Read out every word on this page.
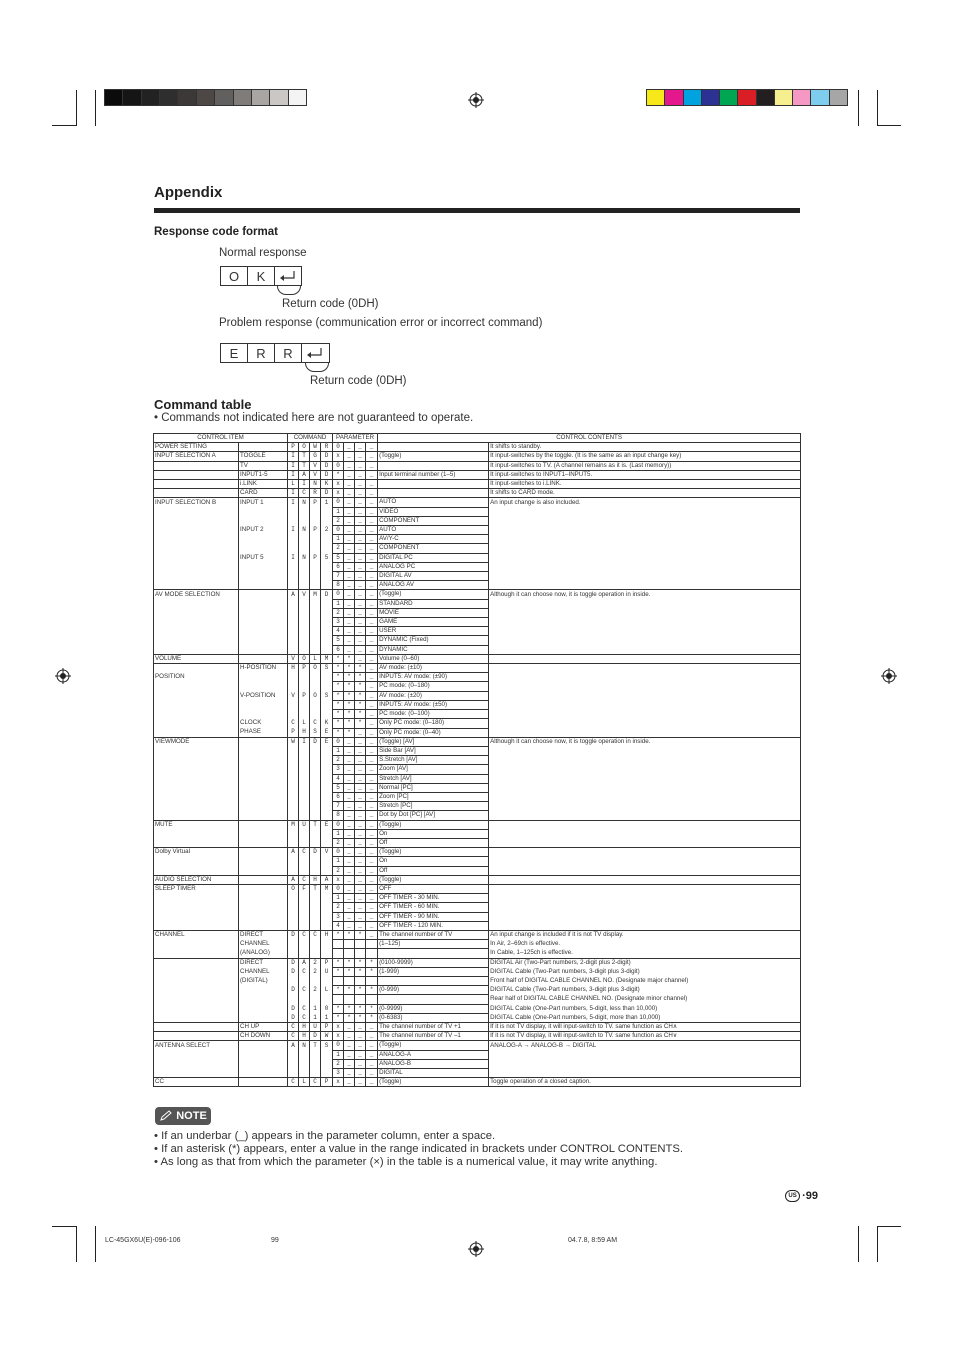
Appendix
Response code format
Normal response
O	K
Return code (0DH)
Problem response (communication error or incorrect command)
E	R	R
Return code (0DH)
Command table
• Commands not indicated here are not guaranteed to operate.
CONTROL ITEM		COMMAND				PARAMETER				CONTROL CONTENTS	
POWER SETTING		P	O	W	R	0	_	_	_		It shifts to standby.
INPUT SELECTION A	TOGGLE	I	T	G	D	x	_	_	_	(Toggle)	It input-switches by the toggle. (It is the same as an input change key)
	TV	I	T	V	D	0	_	_	_		It input-switches to TV. (A channel remains as it is. (Last memory))
	INPUT1-5	I	A	V	D	*	_	_	_	Input terminal number (1–5)	It input-switches to INPUT1–INPUT5.
	i.LINK	L	I	N	K	x	_	_	_		It input-switches to i.LINK.
	CARD	I	C	R	D	x	_	_	_		It shifts to CARD mode.
INPUT SELECTION B	INPUT 1	I	N	P	1	0	_	_	_	AUTO	An input change is also included.
						1	_	_	_	VIDEO	
						2	_	_	_	COMPONENT	
	INPUT 2	I	N	P	2	0	_	_	_	AUTO	
						1	_	_	_	AV/Y-C	
						2	_	_	_	COMPONENT	
	INPUT 5	I	N	P	5	5	_	_	_	DIGITAL PC	
						6	_	_	_	ANALOG PC	
						7	_	_	_	DIGITAL AV	
						8	_	_	_	ANALOG AV	
AV MODE SELECTION		A	V	M	D	0	_	_	_	(Toggle)	Although it can choose now, it is toggle operation in inside.
						1	_	_	_	STANDARD	
						2	_	_	_	MOVIE	
						3	_	_	_	GAME	
						4	_	_	_	USER	
						5	_	_	_	DYNAMIC (Fixed)	
						6	_	_	_	DYNAMIC	
VOLUME		V	O	L	M	*	*	_	_	Volume (0–60)	
	H-POSITION	H	P	O	S	*	*	*	_	AV mode: (±10)	
POSITION						*	*	*	_	INPUT5: AV mode: (±90)	
						*	*	*	_	PC mode: (0–180)	
	V-POSITION	V	P	O	S	*	*	*	_	AV mode: (±20)	
						*	*	*	_	INPUT5: AV mode: (±50)	
						*	*	*	_	PC mode: (0–100)	
	CLOCK	C	L	C	K	*	*	*	_	Only PC mode: (0–180)	
	PHASE	P	H	S	E	*	*	_	_	Only PC mode: (0–40)	
VIEWMODE		W	I	D	E	0	_	_	_	(Toggle) [AV]	Although it can choose now, it is toggle operation in inside.
						1	_	_	_	Side Bar [AV]	
						2	_	_	_	S.Stretch [AV]	
						3	_	_	_	Zoom [AV]	
						4	_	_	_	Stretch [AV]	
						5	_	_	_	Normal [PC]	
						6	_	_	_	Zoom [PC]	
						7	_	_	_	Stretch [PC]	
						8	_	_	_	Dot by Dot [PC] [AV]	
MUTE		M	U	T	E	0	_	_	_	(Toggle)	
						1	_	_	_	On	
						2	_	_	_	Off	
Dolby Virtual		A	C	D	V	0	_	_	_	(Toggle)	
						1	_	_	_	On	
						2	_	_	_	Off	
AUDIO SELECTION		A	C	H	A	x	_	_	_	(Toggle)	
SLEEP TIMER		O	F	T	M	0	_	_	_	OFF	
						1	_	_	_	OFF TIMER - 30 MIN.	
						2	_	_	_	OFF TIMER - 60 MIN.	
						3	_	_	_	OFF TIMER - 90 MIN.	
						4	_	_	_	OFF TIMER - 120 MIN.	
CHANNEL	DIRECT	D	C	C	H	*	*	*	_	The channel number of TV	An input change is included if it is not TV display.
	CHANNEL									(1–125)	In Air, 2–69ch is effective.
	(ANALOG)										In Cable, 1–125ch is effective.
	DIRECT	D	A	2	P	*	*	*	*	(0100-9999)	DIGITAL Air (Two-Part numbers, 2-digit plus 2-digit)
	CHANNEL	D	C	2	U	*	*	*	*	(1-999)	DIGITAL Cable (Two-Part numbers, 3-digit plus 3-digit)
	(DIGITAL)										Front half of DIGITAL CABLE CHANNEL NO. (Designate major channel)
		D	C	2	L	*	*	*	*	(0-999)	DIGITAL Cable (Two-Part numbers, 3-digit plus 3-digit)
											Rear half of DIGITAL CABLE CHANNEL NO. (Designate minor channel)
		D	C	1	0	*	*	*	*	(0-9999)	DIGITAL Cable (One-Part numbers, 5-digit, less than 10,000)
		D	C	1	1	*	*	*	*	(0-6383)	DIGITAL Cable (One-Part numbers, 5-digit, more than 10,000)
	CH UP	C	H	U	P	x	_	_	_	The channel number of TV +1	If it is not TV display, it will input-switch to TV. same function as CH∧
	CH DOWN	C	H	D	W	x	_	_	_	The channel number of TV –1	If it is not TV display, it will input-switch to TV. same function as CH∨
ANTENNA SELECT		A	N	T	S	0	_	_	_	(Toggle)	ANALOG-A → ANALOG-B → DIGITAL
						1	_	_	_	ANALOG-A	
						2	_	_	_	ANALOG-B	
						3	_	_	_	DIGITAL	
CC		C	L	C	P	x	_	_	_	(Toggle)	Toggle operation of a closed caption.
NOTE
• If an underbar (_) appears in the parameter column, enter a space.
• If an asterisk (*) appears, enter a value in the range indicated in brackets under CONTROL CONTENTS.
• As long as that from which the parameter (×) in the table is a numerical value, it may write anything.
US ·99
LC-45GX6U(E)-096-106	99	04.7.8, 8:59 AM
